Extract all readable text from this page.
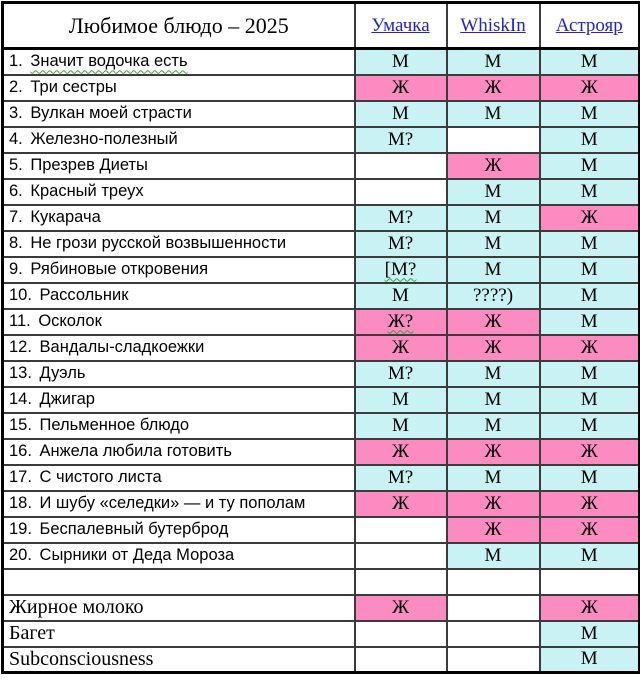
Любимое блюдо – 2025	Умачка	WhiskIn	Астрояр
1. Значит водочка есть	М	М	М
2. Три сестры	Ж	Ж	Ж
3. Вулкан моей страсти	М	М	М
4. Железно-полезный	М?		М
5. Презрев Диеты		Ж	М
6. Красный треух		М	М
7. Кукарача	М?	М	Ж
8. Не грози русской возвышенности	М?	М	М
9. Рябиновые откровения	[М?	М	М
10. Рассольник	М	????)	М
11. Осколок	Ж?	Ж	М
12. Вандалы-сладкоежки	Ж	Ж	Ж
13. Дуэль	М?	М	М
14. Джигар	М	М	М
15. Пельменное блюдо	М	М	М
16. Анжела любила готовить	Ж	Ж	Ж
17. С чистого листа	М?	М	М
18. И шубу «селедки» — и ту пополам	Ж	Ж	Ж
19. Беспалевный бутерброд		Ж	Ж
20. Сырники от Деда Мороза		М	М

Жирное молоко	Ж		Ж
Багет			М
Subconsciousness			М
